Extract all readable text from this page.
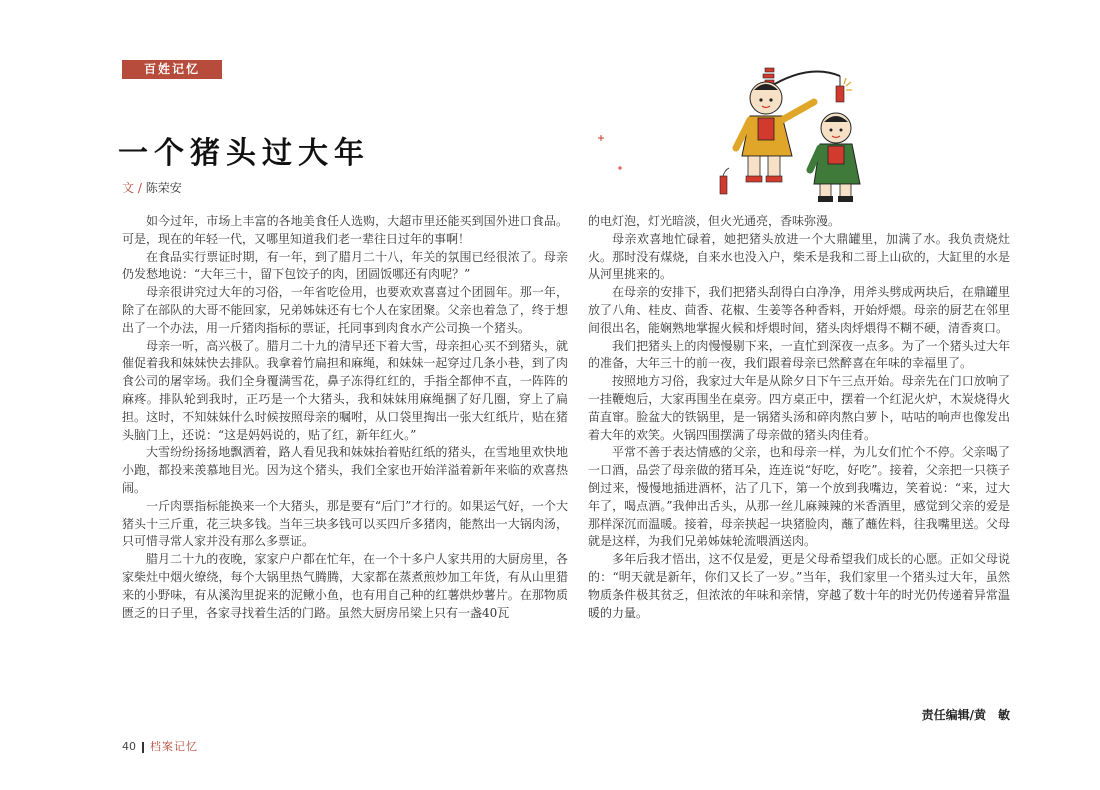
百姓记忆
一个猪头过大年
文 / 陈荣安

如今过年，市场上丰富的各地美食任人选购，大超市里还能买到国外进口食品。可是，现在的年轻一代，又哪里知道我们老一辈往日过年的事啊！

在食品实行票证时期，有一年，到了腊月二十八，年关的氛围已经很浓了。母亲仍发愁地说：“大年三十，留下包饺子的肉，团圆饭哪还有肉呢？”

母亲很讲究过大年的习俗，一年省吃俭用，也要欢欢喜喜过个团圆年。那一年，除了在部队的大哥不能回家，兄弟姊妹还有七个人在家团聚。父亲也着急了，终于想出了一个办法，用一斤猪肉指标的票证，托同事到肉食水产公司换一个猪头。

母亲一听，高兴极了。腊月二十九的清早还下着大雪，母亲担心买不到猪头，就催促着我和妹妹快去排队。我拿着竹扁担和麻绳，和妹妹一起穿过几条小巷，到了肉食公司的屠宰场。我们全身覆满雪花，鼻子冻得红红的，手指全都伸不直，一阵阵的麻疼。排队轮到我时，正巧是一个大猪头，我和妹妹用麻绳捆了好几圈，穿上了扁担。这时，不知妹妹什么时候按照母亲的嘱咐，从口袋里掏出一张大红纸片，贴在猪头脑门上，还说：“这是妈妈说的，贴了红，新年红火。”

大雪纷纷扬扬地飘洒着，路人看见我和妹妹抬着贴红纸的猪头，在雪地里欢快地小跑，都投来羡慕地目光。因为这个猪头，我们全家也开始洋溢着新年来临的欢喜热闹。

一斤肉票指标能换来一个大猪头，那是要有“后门”才行的。如果运气好，一个大猪头十三斤重，花三块多钱。当年三块多钱可以买四斤多猪肉，能熬出一大锅肉汤，只可惜寻常人家并没有那么多票证。

腊月二十九的夜晚，家家户户都在忙年，在一个十多户人家共用的大厨房里，各家柴灶中烟火缭绕，每个大锅里热气腾腾，大家都在蒸煮煎炒加工年货，有从山里猎来的小野味，有从溪沟里捉来的泥鳅小鱼，也有用自己种的红薯烘炒薯片。在那物质匮乏的日子里，各家寻找着生活的门路。虽然大厨房吊梁上只有一盏40瓦

的电灯泡，灯光暗淡，但火光通亮，香味弥漫。

母亲欢喜地忙碌着，她把猪头放进一个大鼎罐里，加满了水。我负责烧灶火。那时没有煤烧，自来水也没入户，柴禾是我和二哥上山砍的，大缸里的水是从河里挑来的。

在母亲的安排下，我们把猪头刮得白白净净，用斧头劈成两块后，在鼎罐里放了八角、桂皮、茴香、花椒、生姜等各种香料，开始烀煨。母亲的厨艺在邻里间很出名，能娴熟地掌握火候和烀煨时间，猪头肉烀煨得不糊不硬，清香爽口。

我们把猪头上的肉慢慢剔下来，一直忙到深夜一点多。为了一个猪头过大年的准备，大年三十的前一夜，我们跟着母亲已然醉喜在年味的幸福里了。

按照地方习俗，我家过大年是从除夕日下午三点开始。母亲先在门口放响了一挂鞭炮后，大家再围坐在桌旁。四方桌正中，摆着一个红泥火炉，木炭烧得火苗直窜。脸盆大的铁锅里，是一锅猪头汤和碎肉熬白萝卜，咕咕的响声也像发出着大年的欢笑。火锅四围摆满了母亲做的猪头肉佳肴。

平常不善于表达情感的父亲，也和母亲一样，为儿女们忙个不停。父亲喝了一口酒，品尝了母亲做的猪耳朵，连连说“好吃，好吃”。接着，父亲把一只筷子倒过来，慢慢地插进酒杯，沾了几下，第一个放到我嘴边，笑着说：“来，过大年了，喝点酒。”我伸出舌头，从那一丝儿麻辣辣的米香酒里，感觉到父亲的爱是那样深沉而温暖。接着，母亲挟起一块猪脸肉，蘸了蘸佐料，往我嘴里送。父母就是这样，为我们兄弟姊妹轮流喂酒送肉。

多年后我才悟出，这不仅是爱，更是父母希望我们成长的心愿。正如父母说的：“明天就是新年，你们又长了一岁。”当年，我们家里一个猪头过大年，虽然物质条件极其贫乏，但浓浓的年味和亲情，穿越了数十年的时光仍传递着异常温暖的力量。

责任编辑/黄　敏
40 档案记忆
